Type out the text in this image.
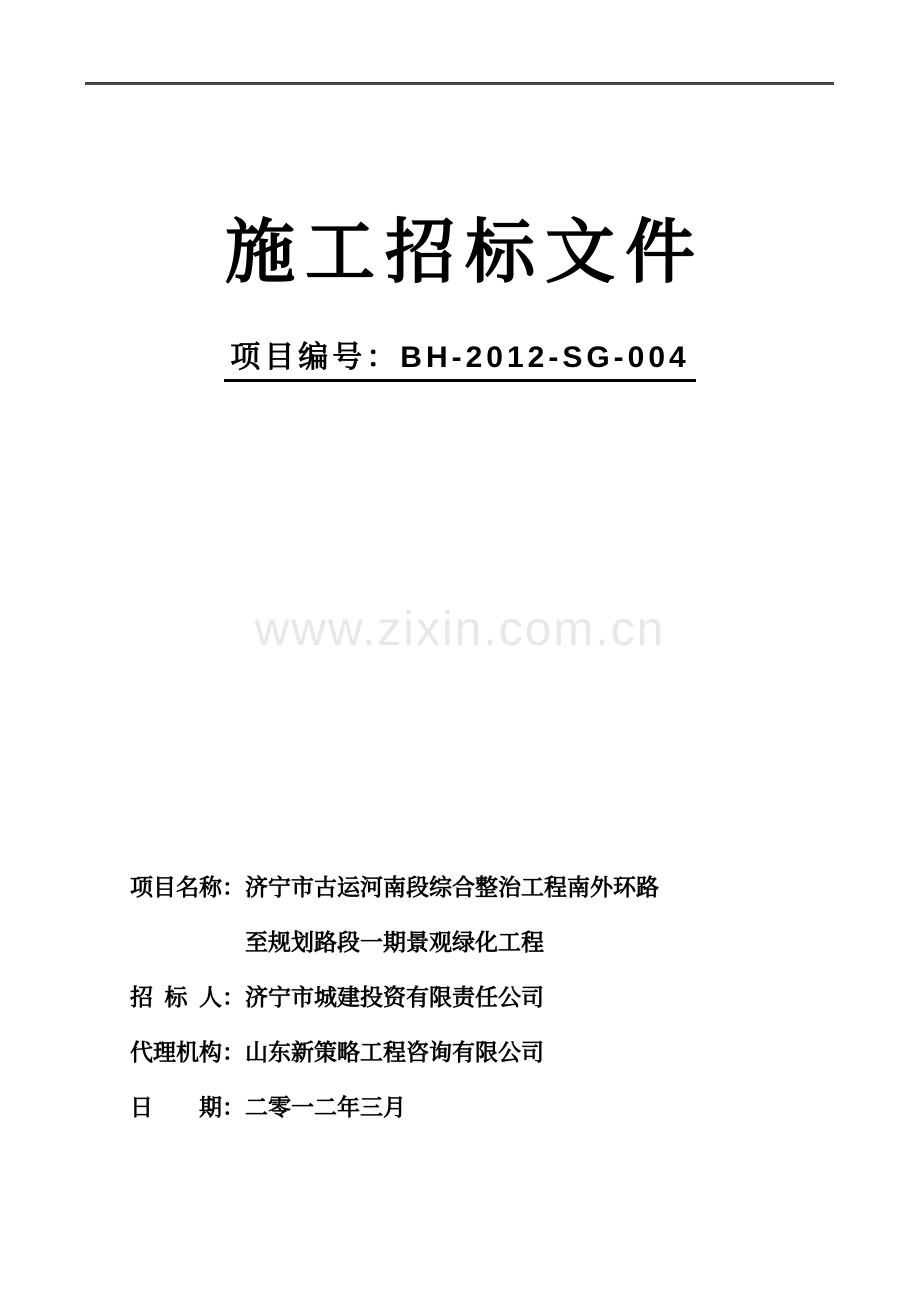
施工招标文件
项目编号：BH-2012-SG-004
www.zixin.com.cn
项目名称：济宁市古运河南段综合整治工程南外环路
至规划路段一期景观绿化工程
招标人：济宁市城建投资有限责任公司
代理机构：山东新策略工程咨询有限公司
日期：二零一二年三月
